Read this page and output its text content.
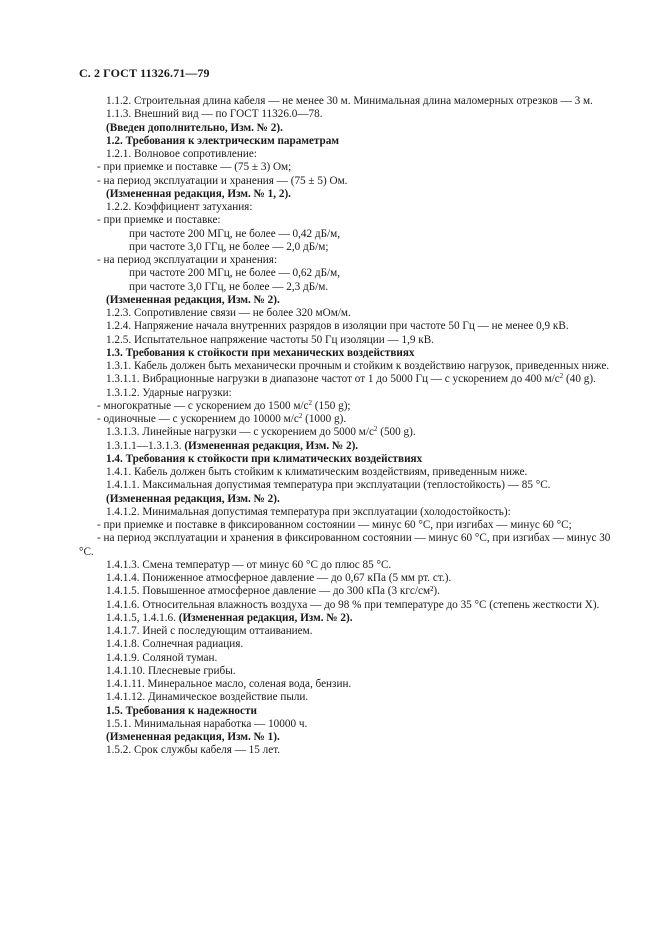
С. 2 ГОСТ 11326.71—79

1.1.2. Строительная длина кабеля — не менее 30 м. Минимальная длина маломерных отрезков — 3 м.

1.1.3. Внешний вид — по ГОСТ 11326.0—78.

(Введен дополнительно, Изм. № 2).

1.2. Требования к электрическим параметрам

1.2.1. Волновое сопротивление:

- при приемке и поставке — (75 ± 3) Ом;

- на период эксплуатации и хранения — (75 ± 5) Ом.

(Измененная редакция, Изм. № 1, 2).

1.2.2. Коэффициент затухания:

- при приемке и поставке:

при частоте 200 МГц, не более — 0,42 дБ/м,

при частоте 3,0 ГГц, не более — 2,0 дБ/м;

- на период эксплуатации и хранения:

при частоте 200 МГц, не более — 0,62 дБ/м,

при частоте 3,0 ГГц, не более — 2,3 дБ/м.

(Измененная редакция, Изм. № 2).

1.2.3. Сопротивление связи — не более 320 мОм/м.

1.2.4. Напряжение начала внутренних разрядов в изоляции при частоте 50 Гц — не менее 0,9 кВ.

1.2.5. Испытательное напряжение частоты 50 Гц изоляции — 1,9 кВ.

1.3. Требования к стойкости при механических воздействиях

1.3.1. Кабель должен быть механически прочным и стойким к воздействию нагрузок, приведенных ниже.

1.3.1.1. Вибрационные нагрузки в диапазоне частот от 1 до 5000 Гц — с ускорением до 400 $м/с^2$ (40 g).

1.3.1.2. Ударные нагрузки:

- многократные — с ускорением до 1500 $м/с^2$ (150 g);

- одиночные — с ускорением до 10000 $м/с^2$ (1000 g).

1.3.1.3. Линейные нагрузки — с ускорением до 5000 $м/с^2$ (500 g).

1.3.1.1—1.3.1.3. (Измененная редакция, Изм. № 2).

1.4. Требования к стойкости при климатических воздействиях

1.4.1. Кабель должен быть стойким к климатическим воздействиям, приведенным ниже.

1.4.1.1. Максимальная допустимая температура при эксплуатации (теплостойкость) — 85 °С.

(Измененная редакция, Изм. № 2).

1.4.1.2. Минимальная допустимая температура при эксплуатации (холодостойкость):

- при приемке и поставке в фиксированном состоянии — минус 60 °С, при изгибах — минус 60 °С;

- на период эксплуатации и хранения в фиксированном состоянии — минус 60 °С, при изгибах — минус 30 °С.

1.4.1.3. Смена температур — от минус 60 °С до плюс 85 °С.

1.4.1.4. Пониженное атмосферное давление — до 0,67 кПа (5 мм рт. ст.).

1.4.1.5. Повышенное атмосферное давление — до 300 кПа (3 кгс/см²).

1.4.1.6. Относительная влажность воздуха — до 98 % при температуре до 35 °С (степень жесткости X).

1.4.1.5, 1.4.1.6. (Измененная редакция, Изм. № 2).

1.4.1.7. Иней с последующим оттаиванием.

1.4.1.8. Солнечная радиация.

1.4.1.9. Соляной туман.

1.4.1.10. Плесневые грибы.

1.4.1.11. Минеральное масло, соленая вода, бензин.

1.4.1.12. Динамическое воздействие пыли.

1.5. Требования к надежности

1.5.1. Минимальная наработка — 10000 ч.

(Измененная редакция, Изм. № 1).

1.5.2. Срок службы кабеля — 15 лет.
